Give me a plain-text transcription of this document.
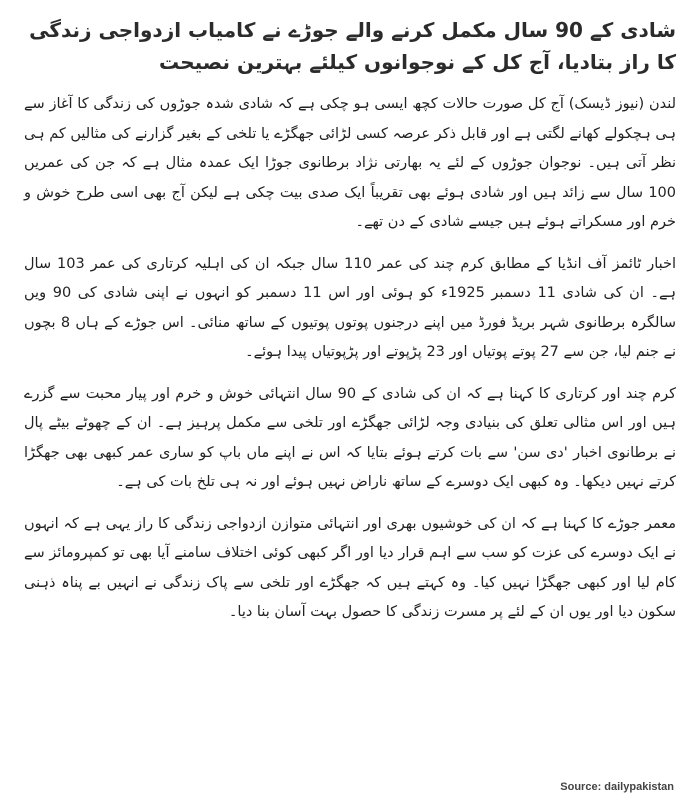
شادی کے 90 سال مکمل کرنے والے جوڑے نے کامیاب ازدواجی زندگی کا راز بتادیا، آج کل کے نوجوانوں کیلئے بہترین نصیحت

لندن (نیوز ڈیسک) آج کل صورت حالات کچھ ایسی ہو چکی ہے کہ شادی شدہ جوڑوں کی زندگی کا آغاز سے ہی ہچکولے کھانے لگتی ہے اور قابل ذکر عرصہ کسی لڑائی جھگڑے یا تلخی کے بغیر گزارنے کی مثالیں کم ہی نظر آتی ہیں۔ نوجوان جوڑوں کے لئے یہ بھارتی نژاد برطانوی جوڑا ایک عمدہ مثال ہے کہ جن کی عمریں 100 سال سے زائد ہیں اور شادی ہوئے بھی تقریباً ایک صدی بیت چکی ہے لیکن آج بھی اسی طرح خوش و خرم اور مسکراتے ہوئے ہیں جیسے شادی کے دن تھے۔

اخبار ٹائمز آف انڈیا کے مطابق کرم چند کی عمر 110 سال جبکہ ان کی اہلیہ کرتاری کی عمر 103 سال ہے۔ ان کی شادی 11 دسمبر 1925ء کو ہوئی اور اس 11 دسمبر کو انہوں نے اپنی شادی کی 90 ویں سالگرہ برطانوی شہر بریڈ فورڈ میں اپنے درجنوں پوتوں پوتیوں کے ساتھ منائی۔ اس جوڑے کے ہاں 8 بچوں نے جنم لیا، جن سے 27 پوتے پوتیاں اور 23 پڑپوتے اور پڑپوتیاں پیدا ہوئے۔

کرم چند اور کرتاری کا کہنا ہے کہ ان کی شادی کے 90 سال انتہائی خوش و خرم اور پیار محبت سے گزرے ہیں اور اس مثالی تعلق کی بنیادی وجہ لڑائی جھگڑے اور تلخی سے مکمل پرہیز ہے۔ ان کے چھوٹے بیٹے پال نے برطانوی اخبار 'دی سن' سے بات کرتے ہوئے بتایا کہ اس نے اپنے ماں باپ کو ساری عمر کبھی بھی جھگڑا کرتے نہیں دیکھا۔ وہ کبھی ایک دوسرے کے ساتھ ناراض نہیں ہوئے اور نہ ہی تلخ بات کی ہے۔

معمر جوڑے کا کہنا ہے کہ ان کی خوشیوں بھری اور انتہائی متوازن ازدواجی زندگی کا راز یہی ہے کہ انہوں نے ایک دوسرے کی عزت کو سب سے اہم قرار دیا اور اگر کبھی کوئی اختلاف سامنے آیا بھی تو کمپرومائز سے کام لیا اور کبھی جھگڑا نہیں کیا۔ وہ کہتے ہیں کہ جھگڑے اور تلخی سے پاک زندگی نے انہیں بے پناہ ذہنی سکون دیا اور یوں ان کے لئے پر مسرت زندگی کا حصول بہت آسان بنا دیا۔

Source: dailypakistan
